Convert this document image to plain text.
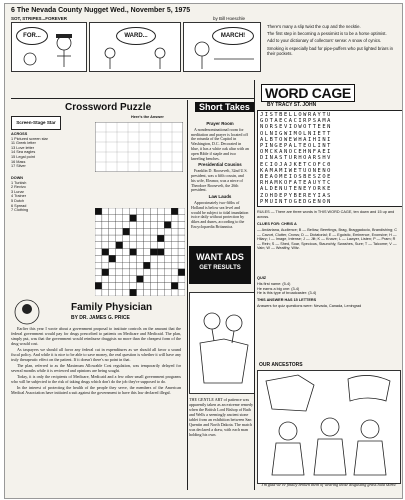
6 The Nevada County Nugget Wed., November 5, 1975
SOT, STRIPES...FOREVER	by Bill Hoeschle
FOR...	WARD...	MARCH!
There's many a slip twixt the cup and the necktie.
The first step in becoming a pessimist is to be a horse optimist.
Add to your dictionary of collectors' sense: A snow of cynics.
Smoking is especially bad for pipe-puffers who put lighted briars in their pockets.
Crossword Puzzle
Here's the Answer
Screen-Stage Star
ACROSS
1 Pictured screen star
11 Greek letter
13 Love letter
14 Sea eagles
15 Legal point
16 Mass
17 Silver
DOWN
1 Turkish
2 Revivo
3 Lunar
4 Trainer
5 Dutch
6 Spread
7 Clothing
Short Takes
Prayer Room

A nondenominational room for meditation and prayer is located off the rotunda of the Capitol in Washington, D.C. Decorated in blue, it has a white oak altar with an open Bible if staple and two kneeling benches.

Presidential Cousins

Franklin D. Roosevelt, 32nd U.S. president, was a fifth cousin, and his wife, Eleanor, was a niece of Theodore Roosevelt, the 26th president.

Law Lauds

Approximately two-fifths of Holland is below sea level and would be subject to tidal inundation twice daily without protection by dikes and dunes, according to the Encyclopaedia Britannica.

WANT ADS
GET RESULTS
THE GENTLE ART of patience was apparently taken as an extreme remedy when the British Lord Bishop of Bath and Wells a seemingly ancient stone tablet from an exhibition between San Quentin and North Dakota. The match was declared a draw, with each man holding his own.
WORD CAGE
BY TRACY ST. JOHN
JISTBELLOWRAYTU
GOTAECACIRPSAMA
NORSEVIOWOTTEEN
OLNIGWIMOLNIETT
ALBTOWEWHAIHINI
PINGEPALTEOLINT
OMCKANOCEHNFAEI
DINASTURHOARSHV
ECIOJAJKETCOFC0
KAMAMIWETUONENO
BEAOMEIOSBESZOE
RHAMKOFATEAUYTC
ALDENUTENEYORKE
ZOHDEPYBEREYIAS
PMUINTOGEDGENON
RULES — There are three words in THIS WORD CAGE, ten down and 15 up and across.
CLUES FOR: CHRIS A
— Andariana, Audience; B — Bellow, Beertings, Brag, Braggadocio, Brandishing; C — Cavort, Clutter, Crows; D — Dictatorial; E — Egoistic, Eminence, Exonsive; H — Hilary; I — Image, Intense; J — Jilt; K — Knave; L — Lawyer, Listen; P — Pram; R — Rein; S — Shed, Soar, Specious, Staunchly, Swashes, Sure; T — Talcome; V — Vain; W — Wealthy, Witz.
QUIZ
His first name: (5-4)
He earns a big one: (3-4)
He is this type of broadcaster: (3-4)
THIS ANSWER HAS 15 LETTERS
Answers for quiz questions were: Nevada, Canada, Leningrad
Family Physician
BY DR. JAMES G. PRICE

Earlier this year I wrote about a government proposal to institute controls on the amount that the federal government would pay for drugs prescribed to patients on Medicare and Medicaid. The plan, simply put, was that the government would reimburse druggists no more than the cheapest form of the drug would cost.

As taxpayers we should all favor any federal cut in expenditures as we should all favor a sound fiscal policy. And while it is nice to be able to save money, the real question is whether it will have any truly therapeutic effect on the patient. If it doesn't there's no point in that.

The plan, referred to as the Maximum Allowable Cost regulation, was temporarily delayed for several months while it is reviewed and opinions are being sought.

Today, it is only the recipients of Medicare, Medicaid and a few other small government programs who will be subjected to the risk of taking drugs which don't do the job they're supposed to do.

In the interest of protecting the health of the people they serve, the members of the American Medical Association have initiated a suit against the government to have this law declared illegal.

OUR ANCESTORS
I'm glad we've finally broken them of wearing those disgusting grass hula skirts!
